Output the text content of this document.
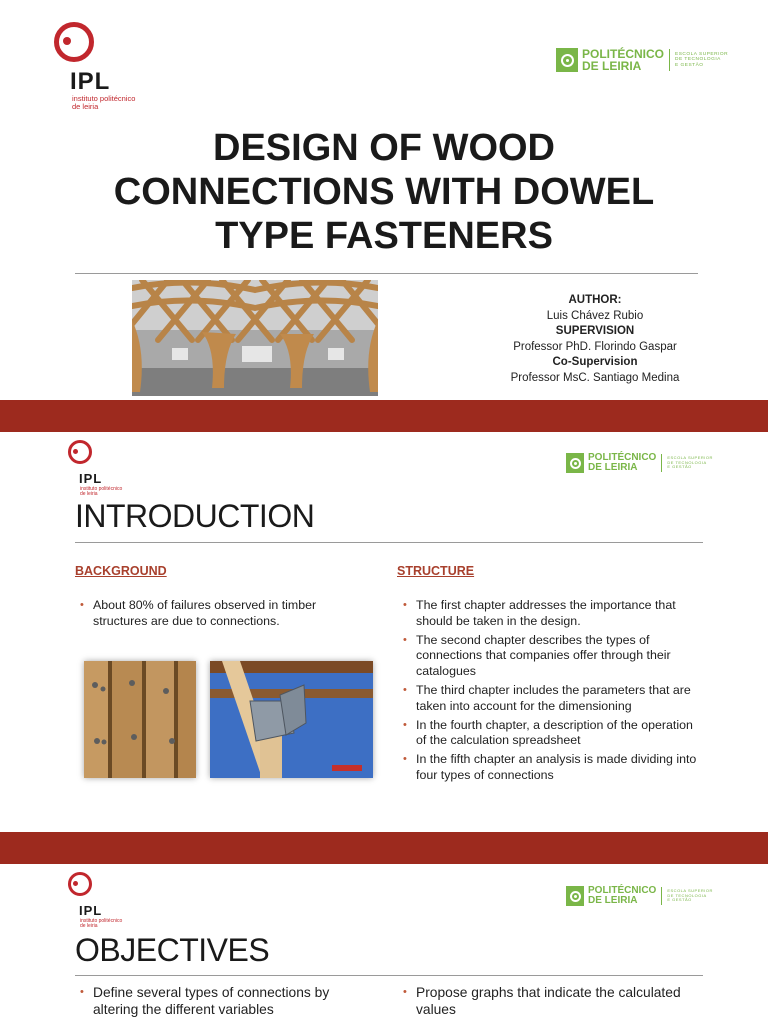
IPL
instituto politécnico
de leiria
POLITÉCNICO
DE LEIRIA
ESCOLA SUPERIOR
DE TECNOLOGIA
E GESTÃO
DESIGN OF WOOD
CONNECTIONS WITH DOWEL
TYPE FASTENERS
AUTHOR:
Luis Chávez Rubio
SUPERVISION
Professor PhD. Florindo Gaspar
Co-Supervision
Professor MsC. Santiago Medina
IPL
instituto politécnico
de leiria
POLITÉCNICO
DE LEIRIA
ESCOLA SUPERIOR
DE TECNOLOGIA
E GESTÃO
INTRODUCTION
BACKGROUND
• About 80% of failures observed in timber structures are due to connections.
STRUCTURE
• The first chapter addresses the importance that should be taken in the design.
• The second chapter describes the types of connections that companies offer through their catalogues
• The third chapter includes the parameters that are taken into account for the dimensioning
• In the fourth chapter, a description of the operation of the calculation spreadsheet
• In the fifth chapter an analysis is made dividing into four types of connections
IPL
instituto politécnico
de leiria
POLITÉCNICO
DE LEIRIA
ESCOLA SUPERIOR
DE TECNOLOGIA
E GESTÃO
OBJECTIVES
• Define several types of connections by altering the different variables
• Propose graphs that indicate the calculated values
